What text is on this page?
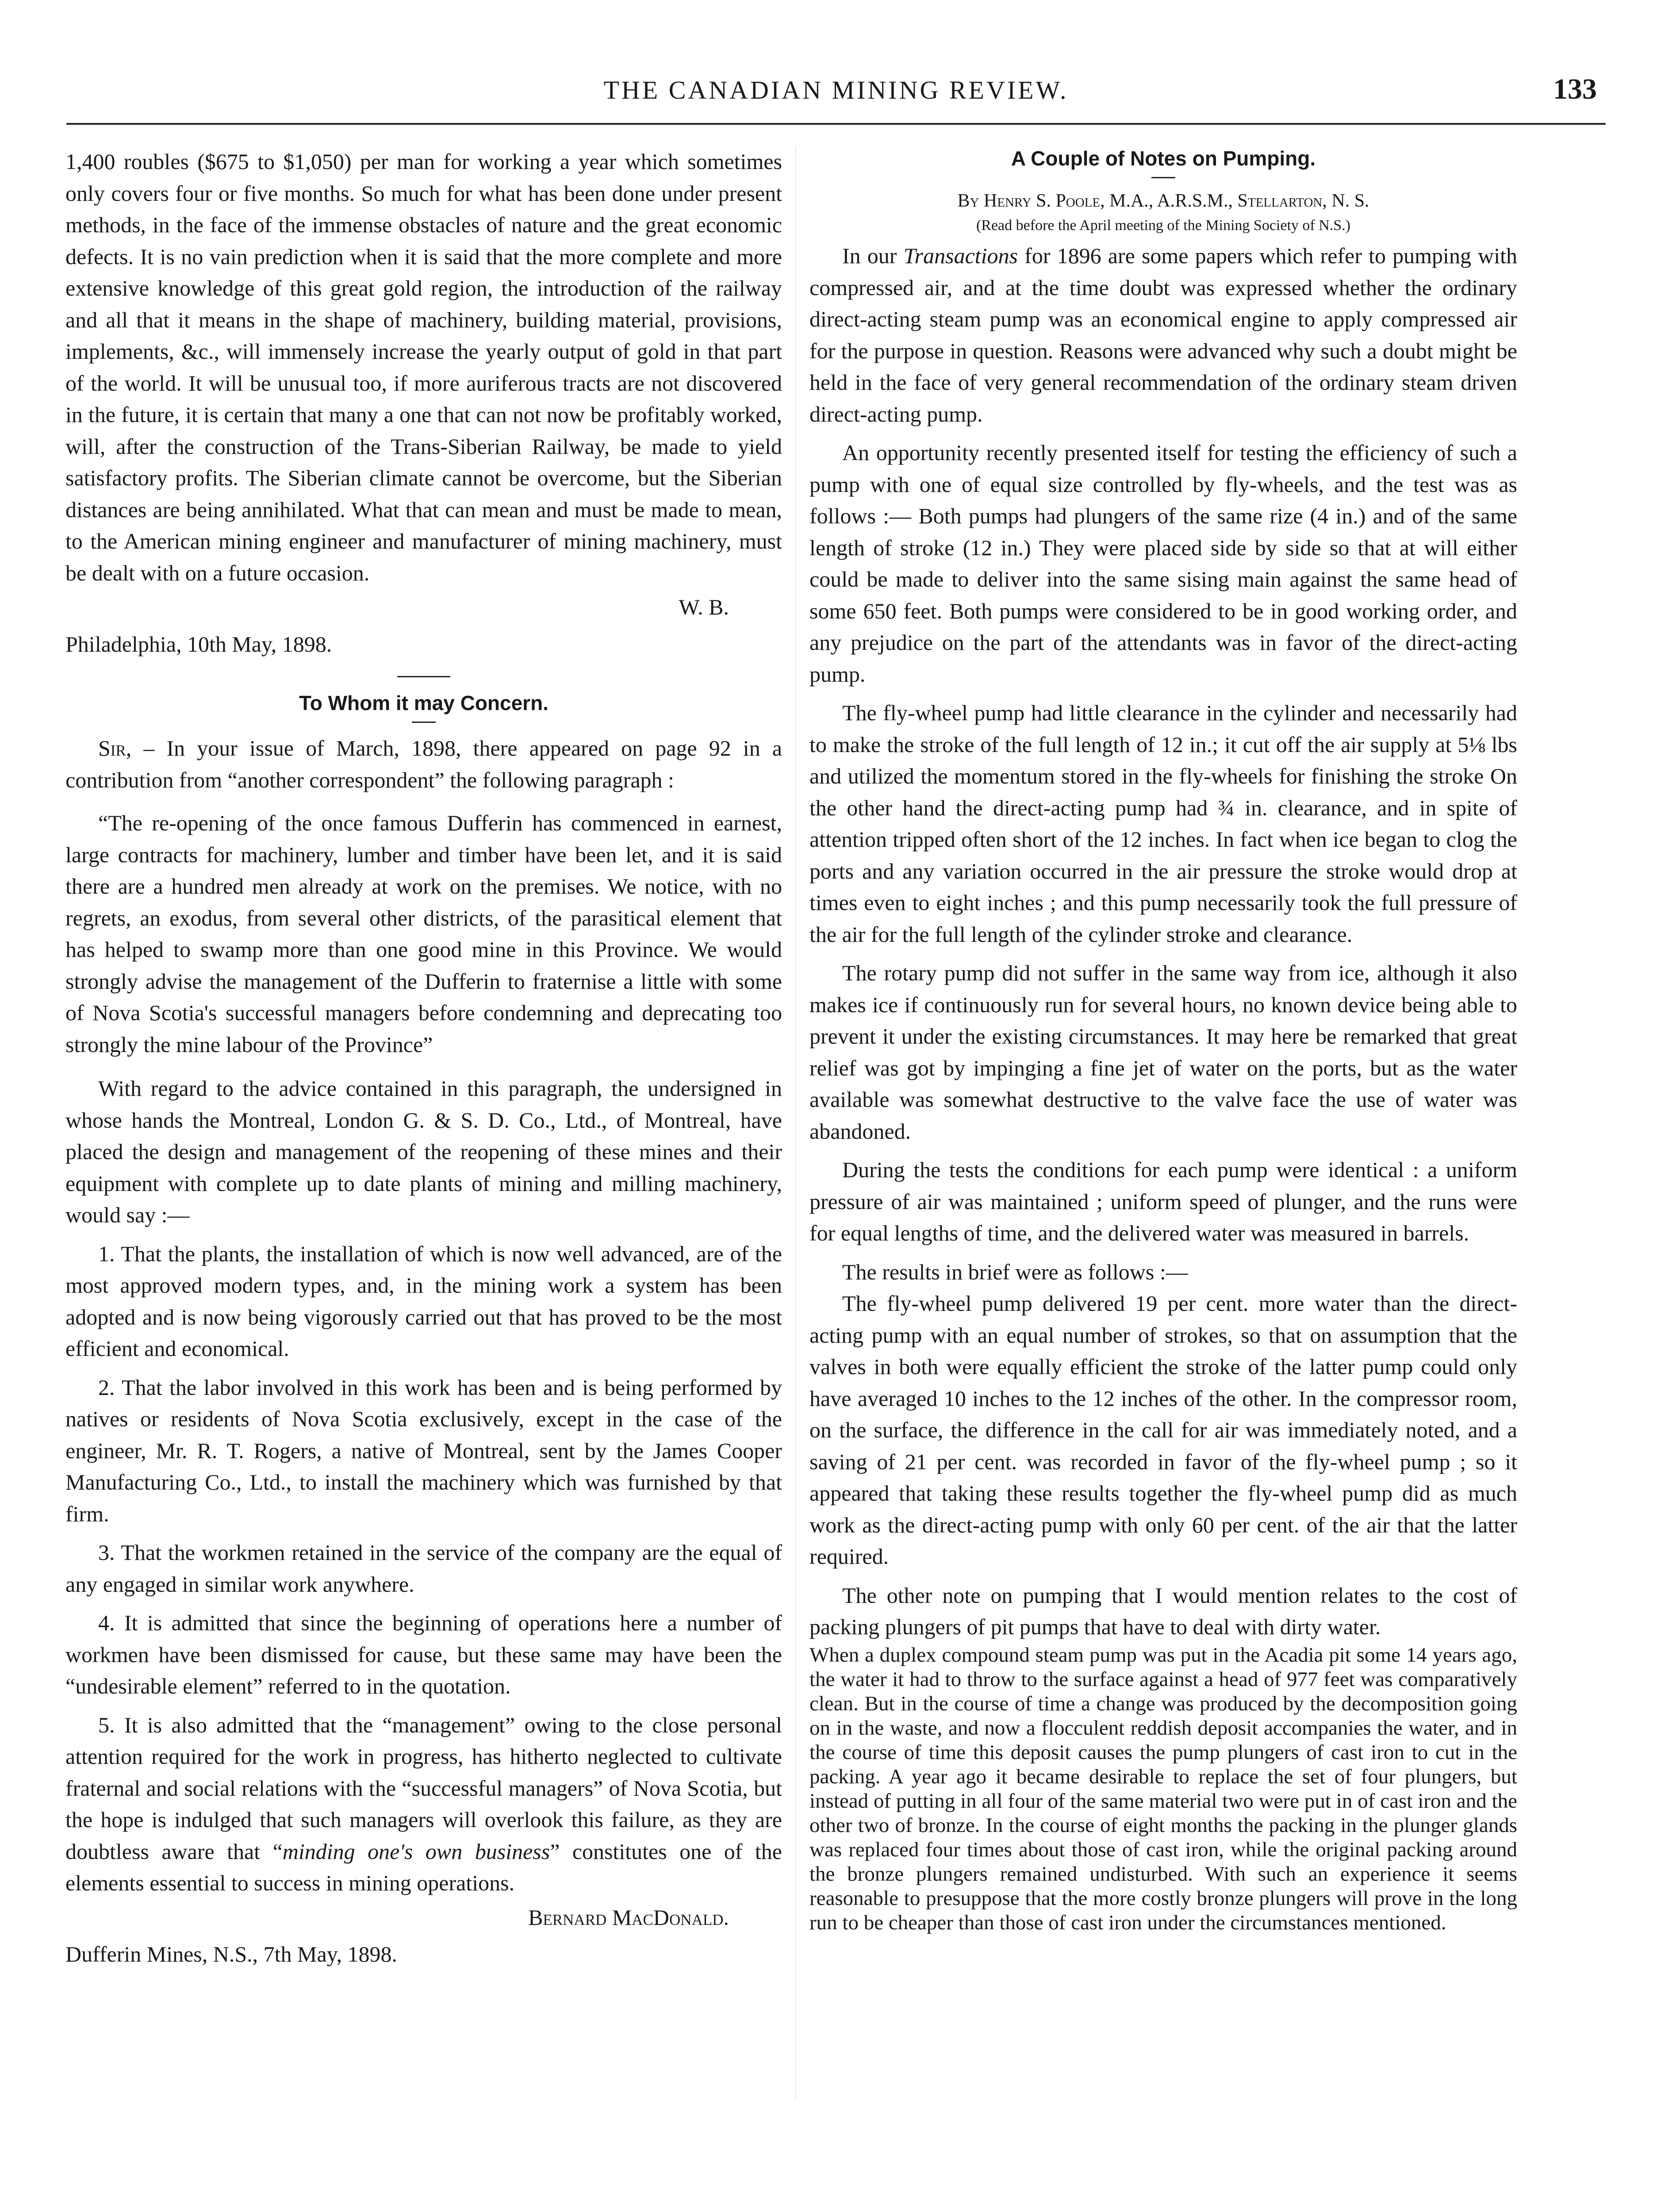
THE CANADIAN MINING REVIEW.	133

1,400 roubles ($675 to $1,050) per man for working a year which sometimes only covers four or five months. So much for what has been done under present methods, in the face of the immense obstacles of nature and the great economic defects. It is no vain prediction when it is said that the more complete and more extensive knowledge of this great gold region, the introduction of the railway and all that it means in the shape of machinery, building material, provisions, implements, &c., will immensely increase the yearly output of gold in that part of the world. It will be unusual too, if more auriferous tracts are not discovered in the future, it is certain that many a one that can not now be profitably worked, will, after the construction of the Trans-Siberian Railway, be made to yield satisfactory profits. The Siberian climate cannot be overcome, but the Siberian distances are being annihilated. What that can mean and must be made to mean, to the American mining engineer and manufacturer of mining machinery, must be dealt with on a future occasion.

W. B.

Philadelphia, 10th May, 1898.

To Whom it may Concern.

Sir, – In your issue of March, 1898, there appeared on page 92 in a contribution from “another correspondent” the following paragraph :

“The re-opening of the once famous Dufferin has commenced in earnest, large contracts for machinery, lumber and timber have been let, and it is said there are a hundred men already at work on the premises. We notice, with no regrets, an exodus, from several other districts, of the parasitical element that has helped to swamp more than one good mine in this Province. We would strongly advise the management of the Dufferin to fraternise a little with some of Nova Scotia's successful managers before condemning and deprecating too strongly the mine labour of the Province”

With regard to the advice contained in this paragraph, the undersigned in whose hands the Montreal, London G. & S. D. Co., Ltd., of Montreal, have placed the design and management of the reopening of these mines and their equipment with complete up to date plants of mining and milling machinery, would say :—

1. That the plants, the installation of which is now well advanced, are of the most approved modern types, and, in the mining work a system has been adopted and is now being vigorously carried out that has proved to be the most efficient and economical.

2. That the labor involved in this work has been and is being performed by natives or residents of Nova Scotia exclusively, except in the case of the engineer, Mr. R. T. Rogers, a native of Montreal, sent by the James Cooper Manufacturing Co., Ltd., to install the machinery which was furnished by that firm.

3. That the workmen retained in the service of the company are the equal of any engaged in similar work anywhere.

4. It is admitted that since the beginning of operations here a number of workmen have been dismissed for cause, but these same may have been the “undesirable element” referred to in the quotation.

5. It is also admitted that the “management” owing to the close personal attention required for the work in progress, has hitherto neglected to cultivate fraternal and social relations with the “successful managers” of Nova Scotia, but the hope is indulged that such managers will overlook this failure, as they are doubtless aware that “minding one's own business” constitutes one of the elements essential to success in mining operations.

Bernard MacDonald.

Dufferin Mines, N.S., 7th May, 1898.

A Couple of Notes on Pumping.

By Henry S. Poole, M.A., A.R.S.M., Stellarton, N. S.

(Read before the April meeting of the Mining Society of N.S.)

In our Transactions for 1896 are some papers which refer to pumping with compressed air, and at the time doubt was expressed whether the ordinary direct-acting steam pump was an economical engine to apply compressed air for the purpose in question. Reasons were advanced why such a doubt might be held in the face of very general recommendation of the ordinary steam driven direct-acting pump.

An opportunity recently presented itself for testing the efficiency of such a pump with one of equal size controlled by fly-wheels, and the test was as follows :— Both pumps had plungers of the same rize (4 in.) and of the same length of stroke (12 in.) They were placed side by side so that at will either could be made to deliver into the same sising main against the same head of some 650 feet. Both pumps were considered to be in good working order, and any prejudice on the part of the attendants was in favor of the direct-acting pump.

The fly-wheel pump had little clearance in the cylinder and necessarily had to make the stroke of the full length of 12 in.; it cut off the air supply at 5⅛ lbs and utilized the momentum stored in the fly-wheels for finishing the stroke On the other hand the direct-acting pump had ¾ in. clearance, and in spite of attention tripped often short of the 12 inches. In fact when ice began to clog the ports and any variation occurred in the air pressure the stroke would drop at times even to eight inches ; and this pump necessarily took the full pressure of the air for the full length of the cylinder stroke and clearance.

The rotary pump did not suffer in the same way from ice, although it also makes ice if continuously run for several hours, no known device being able to prevent it under the existing circumstances. It may here be remarked that great relief was got by impinging a fine jet of water on the ports, but as the water available was somewhat destructive to the valve face the use of water was abandoned.

During the tests the conditions for each pump were identical : a uniform pressure of air was maintained ; uniform speed of plunger, and the runs were for equal lengths of time, and the delivered water was measured in barrels.

The results in brief were as follows :—

The fly-wheel pump delivered 19 per cent. more water than the direct-acting pump with an equal number of strokes, so that on assumption that the valves in both were equally efficient the stroke of the latter pump could only have averaged 10 inches to the 12 inches of the other. In the compressor room, on the surface, the difference in the call for air was immediately noted, and a saving of 21 per cent. was recorded in favor of the fly-wheel pump ; so it appeared that taking these results together the fly-wheel pump did as much work as the direct-acting pump with only 60 per cent. of the air that the latter required.

The other note on pumping that I would mention relates to the cost of packing plungers of pit pumps that have to deal with dirty water.

When a duplex compound steam pump was put in the Acadia pit some 14 years ago, the water it had to throw to the surface against a head of 977 feet was comparatively clean. But in the course of time a change was produced by the decomposition going on in the waste, and now a flocculent reddish deposit accompanies the water, and in the course of time this deposit causes the pump plungers of cast iron to cut in the packing. A year ago it became desirable to replace the set of four plungers, but instead of putting in all four of the same material two were put in of cast iron and the other two of bronze. In the course of eight months the packing in the plunger glands was replaced four times about those of cast iron, while the original packing around the bronze plungers remained undisturbed. With such an experience it seems reasonable to presuppose that the more costly bronze plungers will prove in the long run to be cheaper than those of cast iron under the circumstances mentioned.
